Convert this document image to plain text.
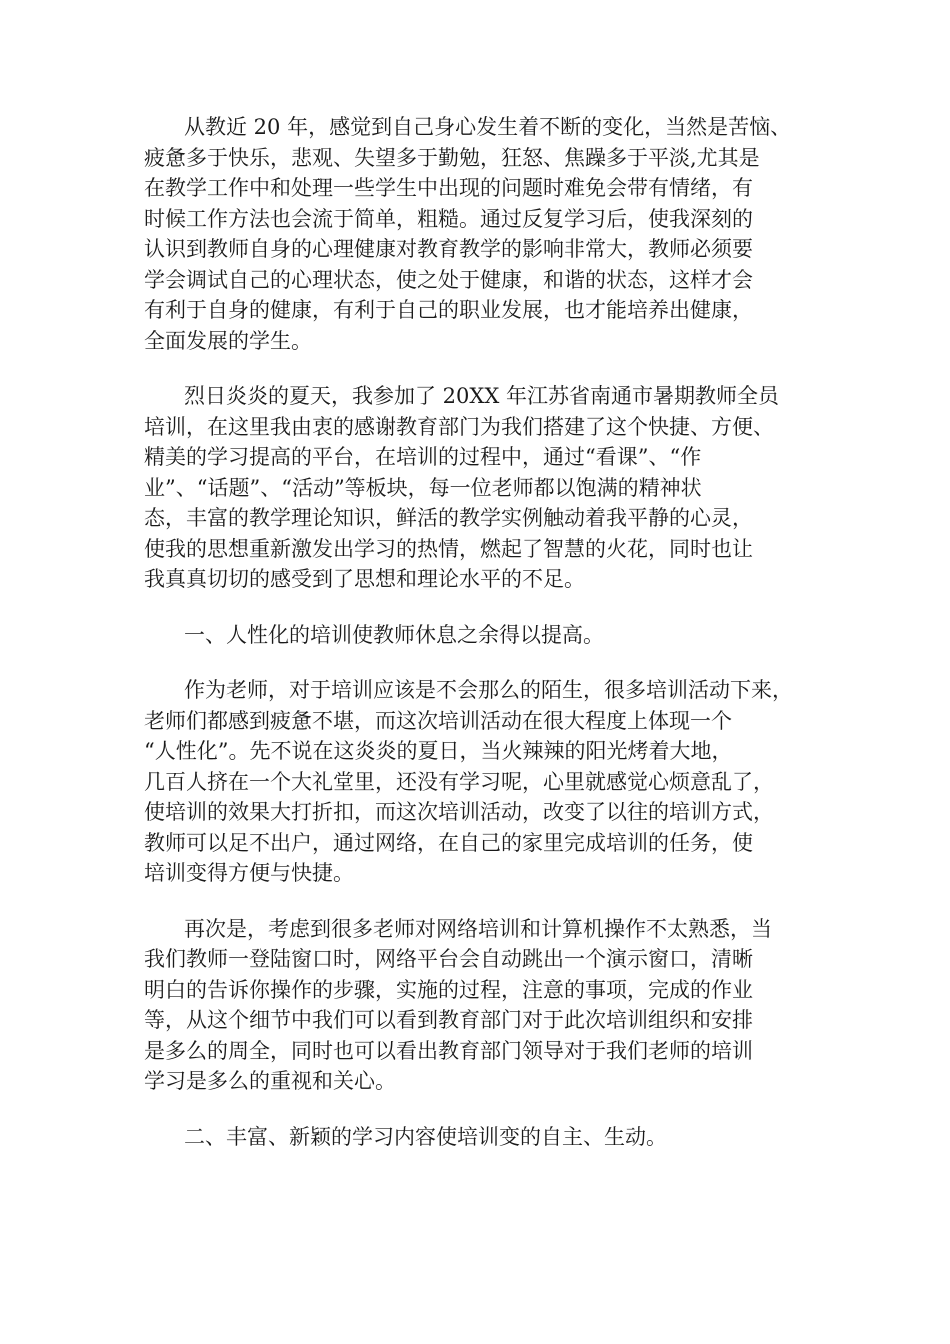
从教近 20 年，感觉到自己身心发生着不断的变化，当然是苦恼、
疲惫多于快乐，悲观、失望多于勤勉，狂怒、焦躁多于平淡,尤其是
在教学工作中和处理一些学生中出现的问题时难免会带有情绪，有
时候工作方法也会流于简单，粗糙。通过反复学习后，使我深刻的
认识到教师自身的心理健康对教育教学的影响非常大，教师必须要
学会调试自己的心理状态，使之处于健康，和谐的状态，这样才会
有利于自身的健康，有利于自己的职业发展，也才能培养出健康，
全面发展的学生。

烈日炎炎的夏天，我参加了 20XX 年江苏省南通市暑期教师全员
培训，在这里我由衷的感谢教育部门为我们搭建了这个快捷、方便、
精美的学习提高的平台，在培训的过程中，通过“看课”、“作
业”、“话题”、“活动”等板块，每一位老师都以饱满的精神状
态，丰富的教学理论知识，鲜活的教学实例触动着我平静的心灵，
使我的思想重新激发出学习的热情，燃起了智慧的火花，同时也让
我真真切切的感受到了思想和理论水平的不足。

一、人性化的培训使教师休息之余得以提高。

作为老师，对于培训应该是不会那么的陌生，很多培训活动下来，
老师们都感到疲惫不堪，而这次培训活动在很大程度上体现一个
“人性化”。先不说在这炎炎的夏日，当火辣辣的阳光烤着大地，
几百人挤在一个大礼堂里，还没有学习呢，心里就感觉心烦意乱了，
使培训的效果大打折扣，而这次培训活动，改变了以往的培训方式，
教师可以足不出户，通过网络，在自己的家里完成培训的任务，使
培训变得方便与快捷。

再次是，考虑到很多老师对网络培训和计算机操作不太熟悉，当
我们教师一登陆窗口时，网络平台会自动跳出一个演示窗口，清晰
明白的告诉你操作的步骤，实施的过程，注意的事项，完成的作业
等，从这个细节中我们可以看到教育部门对于此次培训组织和安排
是多么的周全，同时也可以看出教育部门领导对于我们老师的培训
学习是多么的重视和关心。

二、丰富、新颖的学习内容使培训变的自主、生动。
